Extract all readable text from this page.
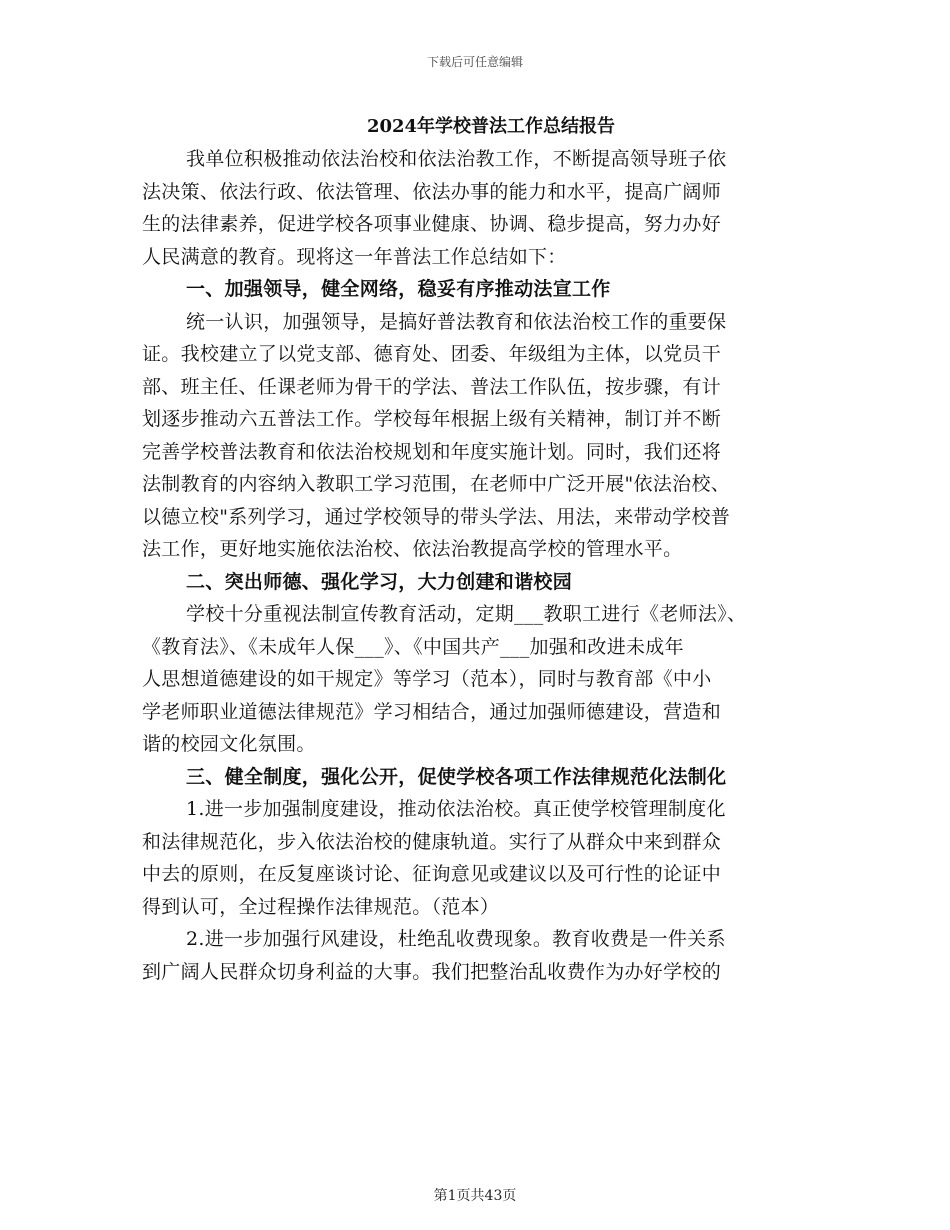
下载后可任意编辑
2024年学校普法工作总结报告
我单位积极推动依法治校和依法治教工作，不断提高领导班子依
法决策、依法行政、依法管理、依法办事的能力和水平，提高广阔师
生的法律素养，促进学校各项事业健康、协调、稳步提高，努力办好
人民满意的教育。现将这一年普法工作总结如下：
一、加强领导，健全网络，稳妥有序推动法宣工作
统一认识，加强领导，是搞好普法教育和依法治校工作的重要保
证。我校建立了以党支部、德育处、团委、年级组为主体，以党员干
部、班主任、任课老师为骨干的学法、普法工作队伍，按步骤，有计
划逐步推动六五普法工作。学校每年根据上级有关精神，制订并不断
完善学校普法教育和依法治校规划和年度实施计划。同时，我们还将
法制教育的内容纳入教职工学习范围，在老师中广泛开展"依法治校、
以德立校"系列学习，通过学校领导的带头学法、用法，来带动学校普
法工作，更好地实施依法治校、依法治教提高学校的管理水平。
二、突出师德、强化学习，大力创建和谐校园
学校十分重视法制宣传教育活动，定期___教职工进行《老师法》、
《教育法》、《未成年人保___》、《中国共产___加强和改进未成年
人思想道德建设的如干规定》等学习（范本），同时与教育部《中小
学老师职业道德法律规范》学习相结合，通过加强师德建设，营造和
谐的校园文化氛围。
三、健全制度，强化公开，促使学校各项工作法律规范化法制化
1.进一步加强制度建设，推动依法治校。真正使学校管理制度化
和法律规范化，步入依法治校的健康轨道。实行了从群众中来到群众
中去的原则，在反复座谈讨论、征询意见或建议以及可行性的论证中
得到认可，全过程操作法律规范。（范本）
2.进一步加强行风建设，杜绝乱收费现象。教育收费是一件关系
到广阔人民群众切身利益的大事。我们把整治乱收费作为办好学校的
第1页共43页
